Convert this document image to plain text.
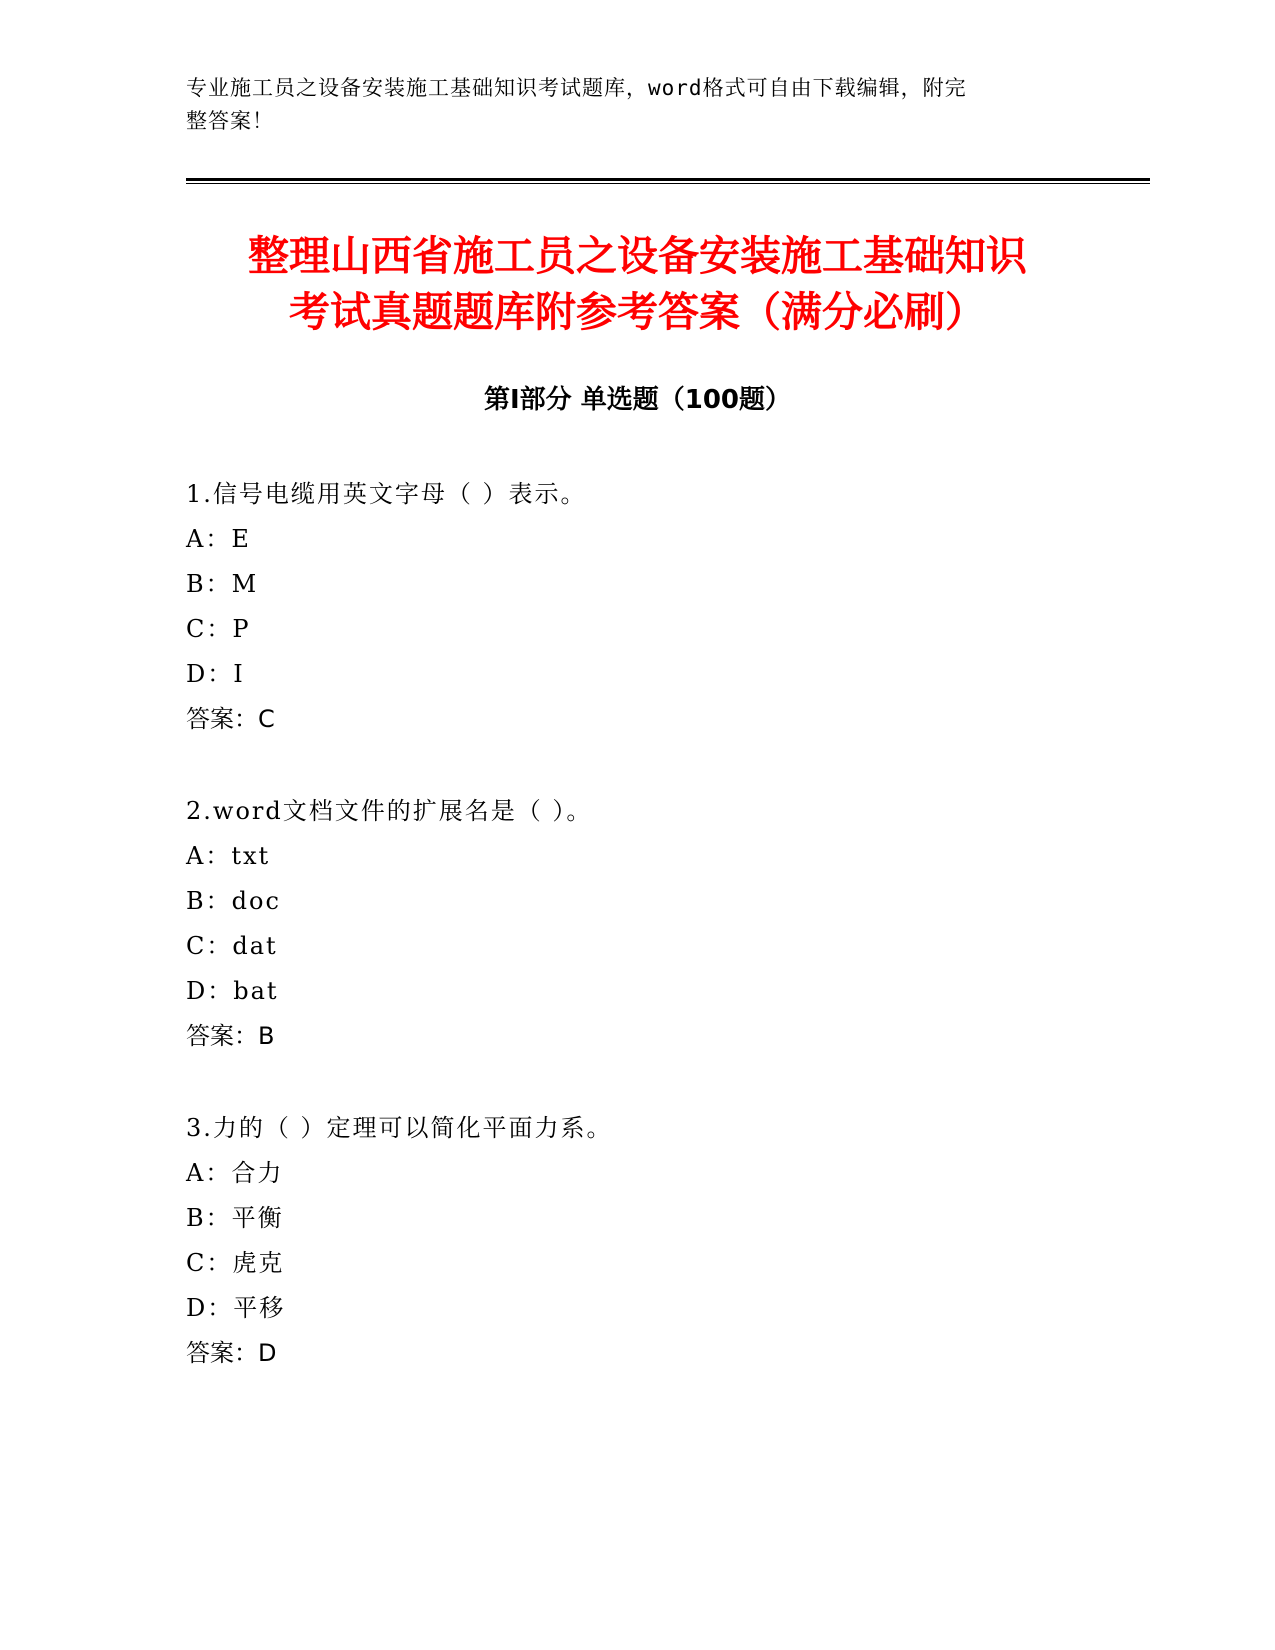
专业施工员之设备安装施工基础知识考试题库，word格式可自由下载编辑，附完
整答案！
整理山西省施工员之设备安装施工基础知识
考试真题题库附参考答案（满分必刷）
第Ⅰ部分 单选题（100题）
1.信号电缆用英文字母（ ）表示。
A：E
B：M
C：P
D：I
答案：C
2.word文档文件的扩展名是（ ）。
A：txt
B：doc
C：dat
D：bat
答案：B
3.力的（ ）定理可以简化平面力系。
A：合力
B：平衡
C：虎克
D：平移
答案：D
